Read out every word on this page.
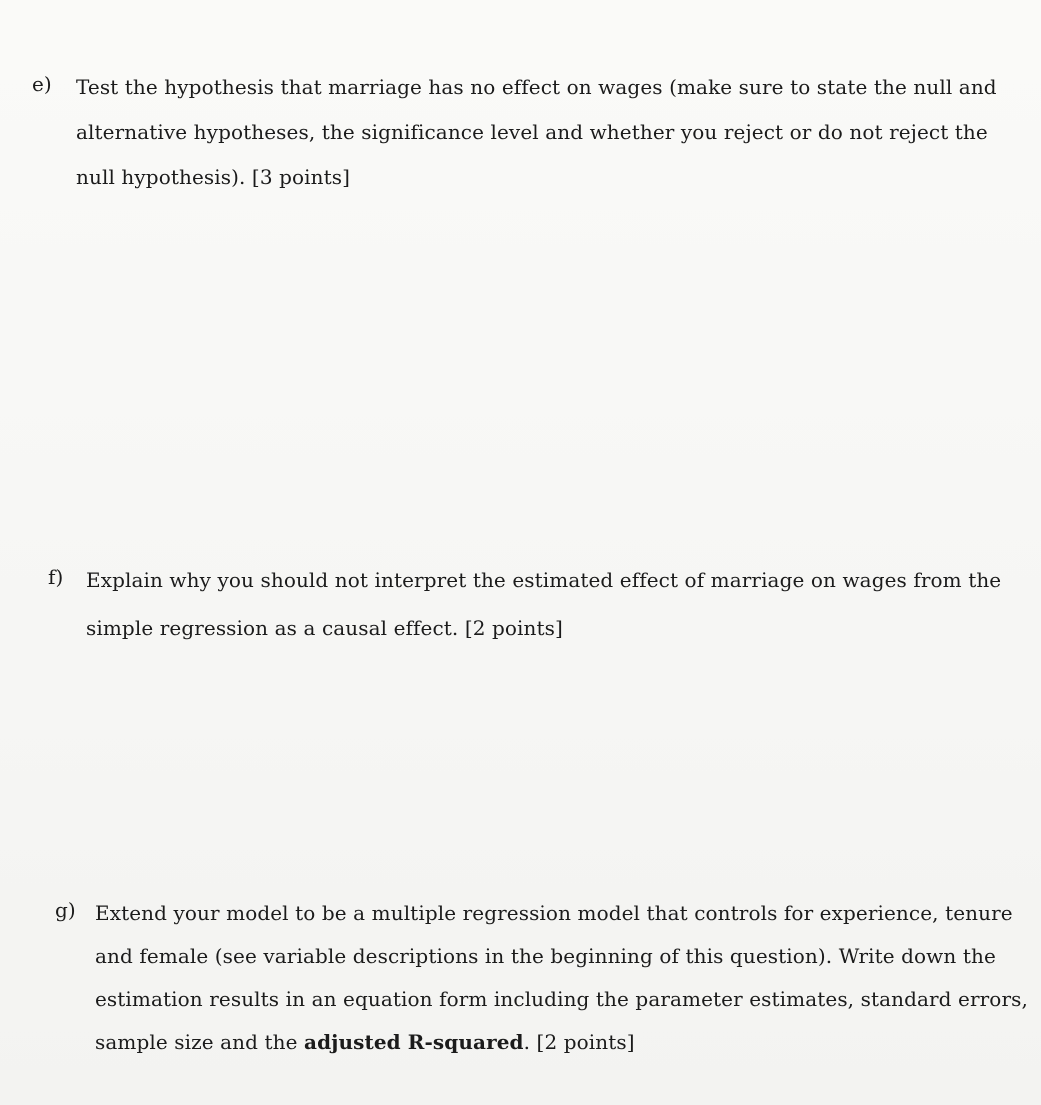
e) Test the hypothesis that marriage has no effect on wages (make sure to state the null and
alternative hypotheses, the significance level and whether you reject or do not reject the
null hypothesis). [3 points]
f) Explain why you should not interpret the estimated effect of marriage on wages from the
simple regression as a causal effect. [2 points]
g) Extend your model to be a multiple regression model that controls for experience, tenure
and female (see variable descriptions in the beginning of this question). Write down the
estimation results in an equation form including the parameter estimates, standard errors,
sample size and the adjusted R-squared. [2 points]
